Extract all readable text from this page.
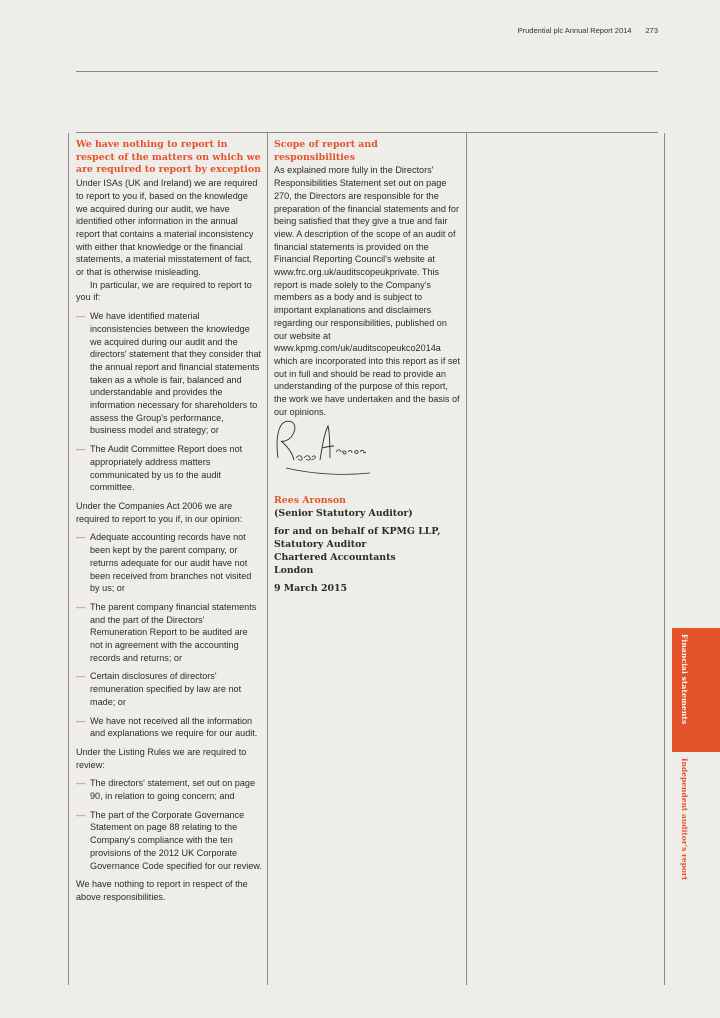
Prudential plc Annual Report 2014 273

We have nothing to report in respect of the matters on which we are required to report by exception

Under ISAs (UK and Ireland) we are required to report to you if, based on the knowledge we acquired during our audit, we have identified other information in the annual report that contains a material inconsistency with either that knowledge or the financial statements, a material misstatement of fact, or that is otherwise misleading.

In particular, we are required to report to you if:

— We have identified material inconsistencies between the knowledge we acquired during our audit and the directors' statement that they consider that the annual report and financial statements taken as a whole is fair, balanced and understandable and provides the information necessary for shareholders to assess the Group's performance, business model and strategy; or
— The Audit Committee Report does not appropriately address matters communicated by us to the audit committee.

Under the Companies Act 2006 we are required to report to you if, in our opinion:

— Adequate accounting records have not been kept by the parent company, or returns adequate for our audit have not been received from branches not visited by us; or
— The parent company financial statements and the part of the Directors' Remuneration Report to be audited are not in agreement with the accounting records and returns; or
— Certain disclosures of directors' remuneration specified by law are not made; or
— We have not received all the information and explanations we require for our audit.

Under the Listing Rules we are required to review:

— The directors' statement, set out on page 90, in relation to going concern; and
— The part of the Corporate Governance Statement on page 88 relating to the Company's compliance with the ten provisions of the 2012 UK Corporate Governance Code specified for our review.

We have nothing to report in respect of the above responsibilities.

Scope of report and responsibilities

As explained more fully in the Directors' Responsibilities Statement set out on page 270, the Directors are responsible for the preparation of the financial statements and for being satisfied that they give a true and fair view. A description of the scope of an audit of financial statements is provided on the Financial Reporting Council's website at www.frc.org.uk/auditscopeukprivate. This report is made solely to the Company's members as a body and is subject to important explanations and disclaimers regarding our responsibilities, published on our website at www.kpmg.com/uk/auditscopeukco2014a which are incorporated into this report as if set out in full and should be read to provide an understanding of the purpose of this report, the work we have undertaken and the basis of our opinions.

Rees Aronson

(Senior Statutory Auditor)

for and on behalf of KPMG LLP,

Statutory Auditor

Chartered Accountants

London

9 March 2015

Financial statements
Independent auditor's report
